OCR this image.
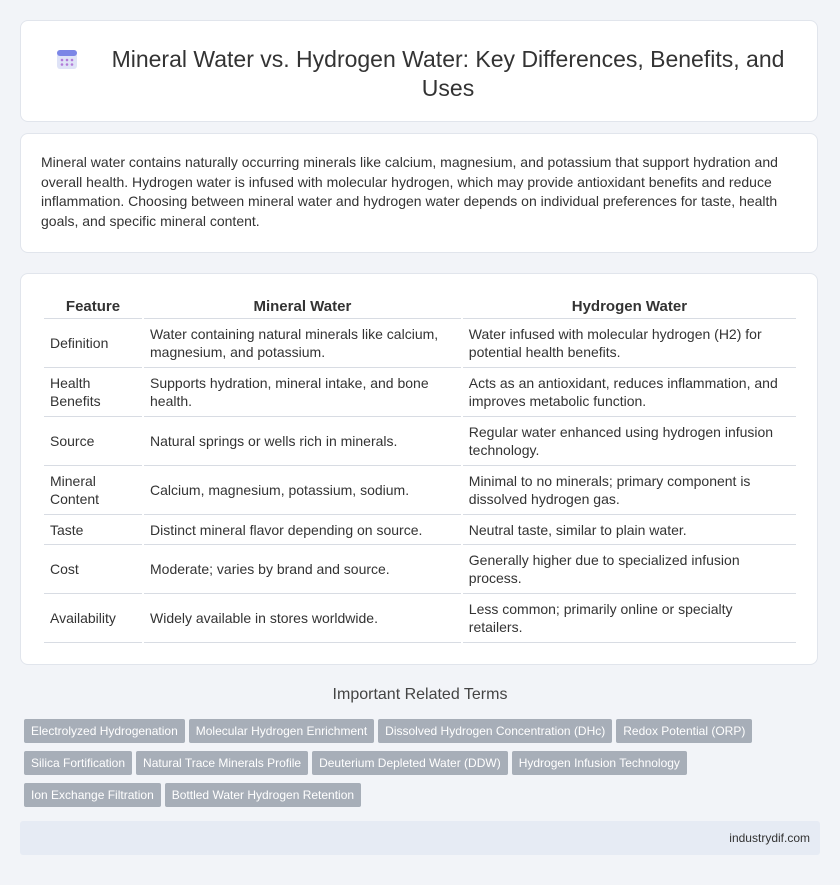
Mineral Water vs. Hydrogen Water: Key Differences, Benefits, and Uses

Mineral water contains naturally occurring minerals like calcium, magnesium, and potassium that support hydration and overall health. Hydrogen water is infused with molecular hydrogen, which may provide antioxidant benefits and reduce inflammation. Choosing between mineral water and hydrogen water depends on individual preferences for taste, health goals, and specific mineral content.

Feature	Mineral Water	Hydrogen Water
Definition	Water containing natural minerals like calcium, magnesium, and potassium.	Water infused with molecular hydrogen (H2) for potential health benefits.
Health Benefits	Supports hydration, mineral intake, and bone health.	Acts as an antioxidant, reduces inflammation, and improves metabolic function.
Source	Natural springs or wells rich in minerals.	Regular water enhanced using hydrogen infusion technology.
Mineral Content	Calcium, magnesium, potassium, sodium.	Minimal to no minerals; primary component is dissolved hydrogen gas.
Taste	Distinct mineral flavor depending on source.	Neutral taste, similar to plain water.
Cost	Moderate; varies by brand and source.	Generally higher due to specialized infusion process.
Availability	Widely available in stores worldwide.	Less common; primarily online or specialty retailers.
Important Related Terms
Electrolyzed Hydrogenation Molecular Hydrogen Enrichment Dissolved Hydrogen Concentration (DHc) Redox Potential (ORP)
Silica Fortification Natural Trace Minerals Profile Deuterium Depleted Water (DDW) Hydrogen Infusion Technology
Ion Exchange Filtration Bottled Water Hydrogen Retention
industrydif.com
